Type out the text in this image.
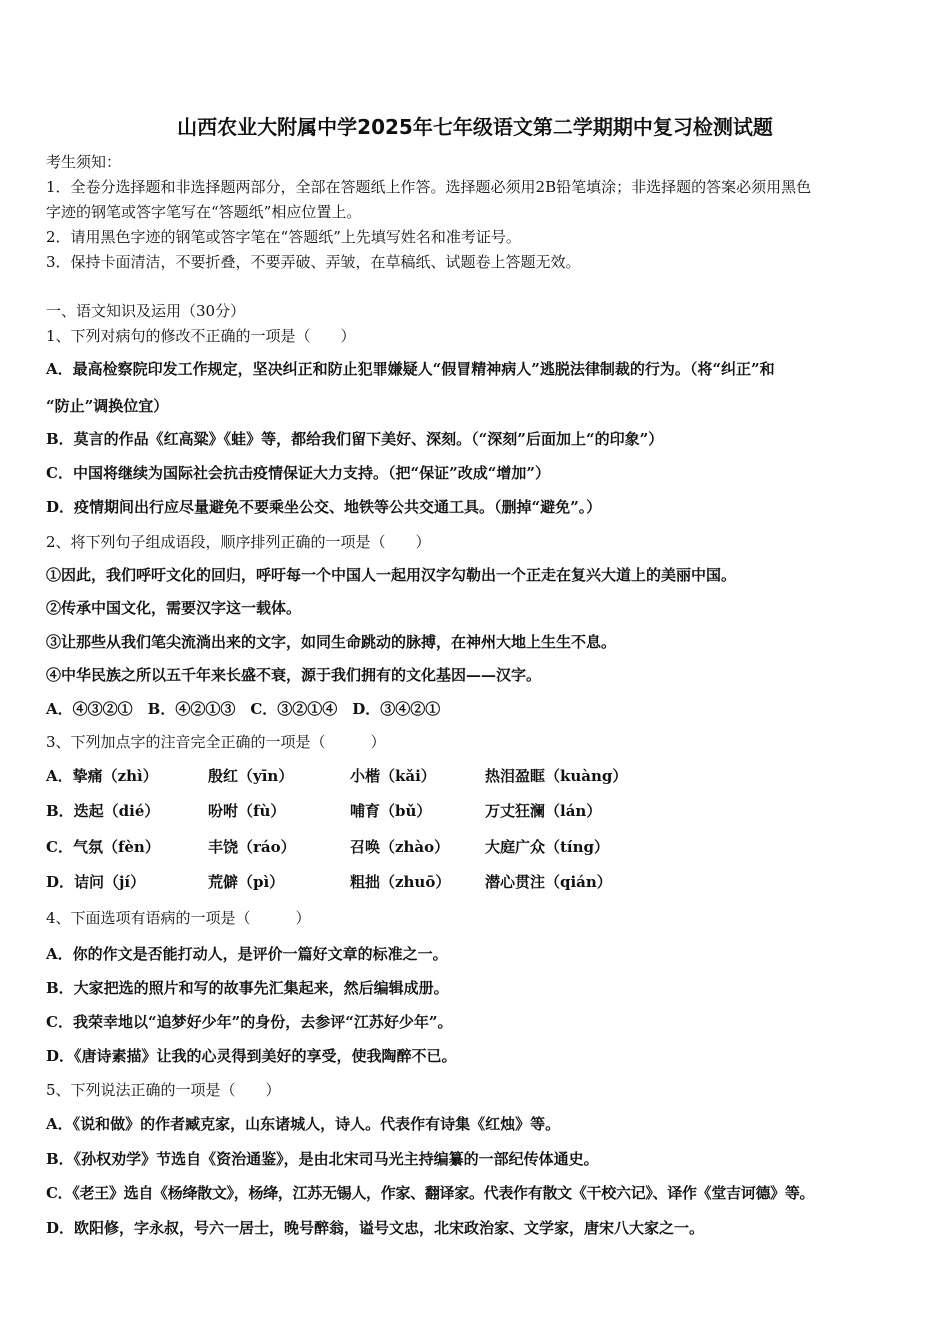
山西农业大附属中学2025年七年级语文第二学期期中复习检测试题
考生须知：
1．全卷分选择题和非选择题两部分，全部在答题纸上作答。选择题必须用2B铅笔填涂；非选择题的答案必须用黑色
字迹的钢笔或答字笔写在“答题纸”相应位置上。
2．请用黑色字迹的钢笔或答字笔在“答题纸”上先填写姓名和准考证号。
3．保持卡面清洁，不要折叠，不要弄破、弄皱，在草稿纸、试题卷上答题无效。
一、语文知识及运用（30分）
1、下列对病句的修改不正确的一项是（　　）
A．最高检察院印发工作规定，坚决纠正和防止犯罪嫌疑人“假冒精神病人”逃脱法律制裁的行为。（将“纠正”和
“防止”调换位宜）
B．莫言的作品《红高粱》《蛙》等，都给我们留下美好、深刻。（“深刻”后面加上“的印象”）
C．中国将继续为国际社会抗击疫情保证大力支持。（把“保证”改成“增加”）
D．疫情期间出行应尽量避免不要乘坐公交、地铁等公共交通工具。（删掉“避免”。）
2、将下列句子组成语段，顺序排列正确的一项是（　　）
①因此，我们呼吁文化的回归，呼吁每一个中国人一起用汉字勾勒出一个正走在复兴大道上的美丽中国。
②传承中国文化，需要汉字这一载体。
③让那些从我们笔尖流淌出来的文字，如同生命跳动的脉搏，在神州大地上生生不息。
④中华民族之所以五千年来长盛不衰，源于我们拥有的文化基因——汉字。
A．④③②①　B．④②①③　C．③②①④　D．③④②①
3、下列加点字的注音完全正确的一项是（　　　）
A．挚痛（zhì）	殷红（yīn）	小楷（kǎi）	热泪盈眶（kuàng）
B．迭起（dié）	吩咐（fù）	哺育（bǔ）	万丈狂澜（lán）
C．气氛（fèn）	丰饶（ráo）	召唤（zhào） 大庭广众（tíng）
D．诘问（jí）	荒僻（pì）	粗拙（zhuō） 潜心贯注（qián）
4、下面选项有语病的一项是（　　　）
A．你的作文是否能打动人，是评价一篇好文章的标准之一。
B．大家把选的照片和写的故事先汇集起来，然后编辑成册。
C．我荣幸地以“追梦好少年”的身份，去参评“江苏好少年”。
D．《唐诗素描》让我的心灵得到美好的享受，使我陶醉不已。
5、下列说法正确的一项是（　　）
A．《说和做》的作者臧克家，山东诸城人，诗人。代表作有诗集《红烛》等。
B．《孙权劝学》节选自《资治通鉴》，是由北宋司马光主持编纂的一部纪传体通史。
C．《老王》选自《杨绛散文》，杨绛，江苏无锡人，作家、翻译家。代表作有散文《干校六记》、译作《堂吉诃德》等。
D．欧阳修，字永叔，号六一居士，晚号醉翁，谥号文忠，北宋政治家、文学家，唐宋八大家之一。
